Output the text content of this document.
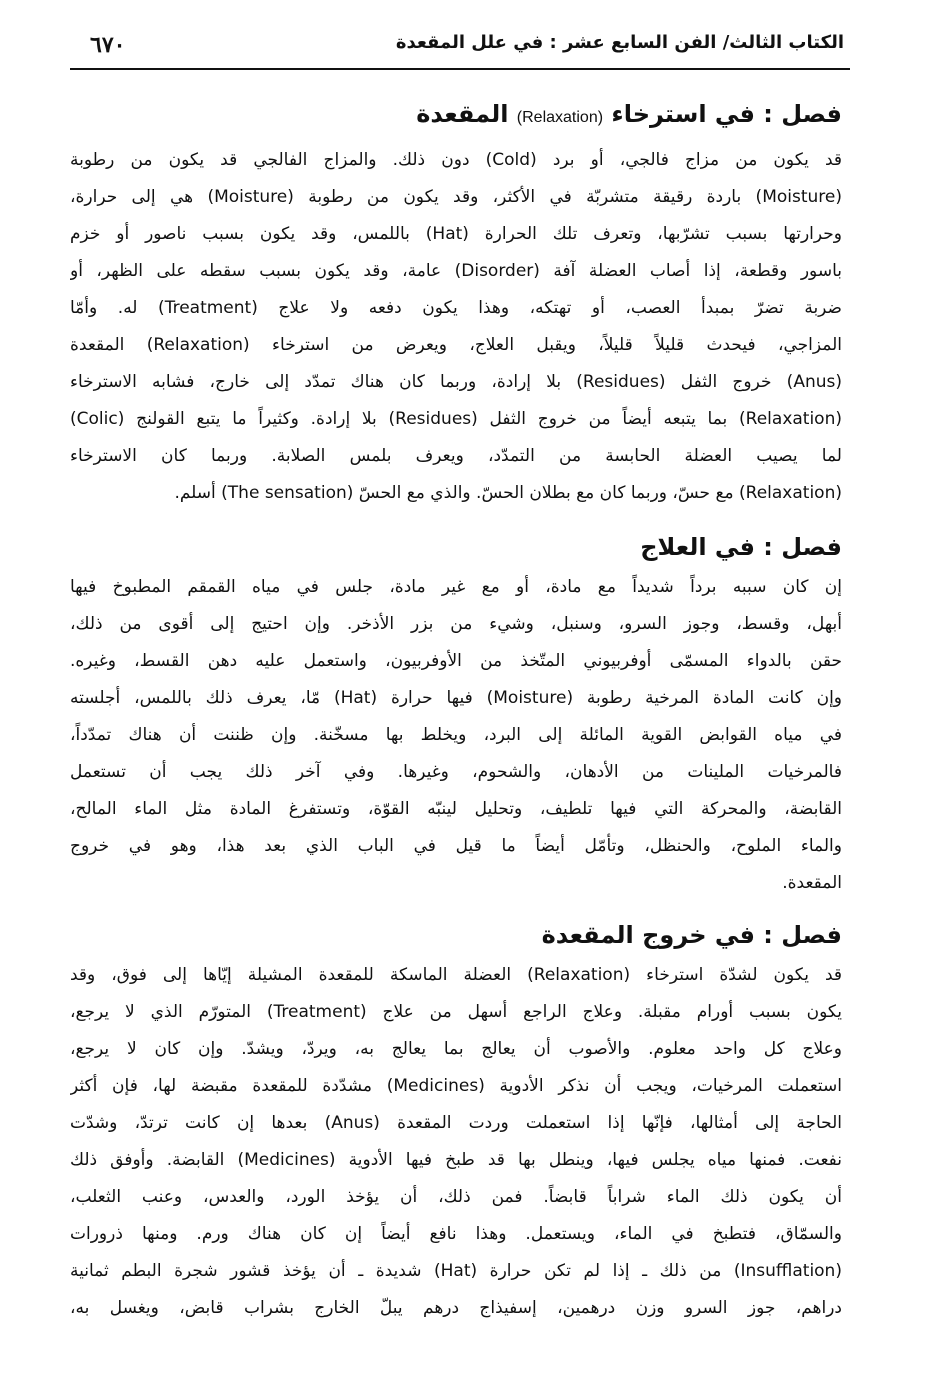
٦٧٠	الكتاب الثالث/ الفن السابع عشر : في علل المقعدة
فصل : في استرخاء (Relaxation) المقعدة
قد يكون من مزاج فالجي، أو برد (Cold) دون ذلك. والمزاج الفالجي قد يكون من رطوبة
(Moisture) باردة رقيقة متشربّة في الأكثر، وقد يكون من رطوبة (Moisture) هي إلى حرارة،
وحرارتها بسبب تشرّبها، وتعرف تلك الحرارة (Hat) باللمس، وقد يكون بسبب ناصور أو خزم
باسور وقطعة، إذا أصاب العضلة آفة (Disorder) عامة، وقد يكون بسبب سقطه على الظهر، أو
ضربة تضرّ بمبدأ العصب، أو تهتكه، وهذا يكون دفعه ولا علاج (Treatment) له. وأمّا
المزاجي، فيحدث قليلاً قليلاً، ويقبل العلاج، ويعرض من استرخاء (Relaxation) المقعدة
(Anus) خروج الثفل (Residues) بلا إرادة، وربما كان هناك تمدّد إلى خارج، فشابه الاسترخاء
(Relaxation) بما يتبعه أيضاً من خروج الثفل (Residues) بلا إرادة. وكثيراً ما يتبع القولنج (Colic)
لما يصيب العضلة الحابسة من التمدّد، ويعرف بلمس الصلابة. وربما كان الاسترخاء
(Relaxation) مع حسّ، وربما كان مع بطلان الحسّ. والذي مع الحسّ (The sensation) أسلم.
فصل : في العلاج
إن كان سببه برداً شديداً مع مادة، أو مع غير مادة، جلس في مياه القمقم المطبوخ فيها
أبهل، وقسط، وجوز السرو، وسنبل، وشيء من بزر الأذخر. وإن احتيج إلى أقوى من ذلك،
حقن بالدواء المسمّى أوفربيوني المتّخذ من الأوفربيون، واستعمل عليه دهن القسط، وغيره.
وإن كانت المادة المرخية رطوبة (Moisture) فيها حرارة (Hat) مّا، يعرف ذلك باللمس، أجلسته
في مياه القوابض القوية المائلة إلى البرد، ويخلط بها مسخّنة. وإن ظننت أن هناك تمدّداً،
فالمرخيات الملينات من الأدهان، والشحوم، وغيرها. وفي آخر ذلك يجب أن تستعمل
القابضة، والمحركة التي فيها تلطيف، وتحليل لينبّه القوّة، وتستفرغ المادة مثل الماء المالح،
والماء الملوح، والحنظل، وتأمّل أيضاً ما قيل في الباب الذي بعد هذا، وهو في خروج
المقعدة.
فصل : في خروج المقعدة
قد يكون لشدّة استرخاء (Relaxation) العضلة الماسكة للمقعدة المشيلة إيّاها إلى فوق، وقد
يكون بسبب أورام مقبلة. وعلاج الراجع أسهل من علاج (Treatment) المتورّم الذي لا يرجع،
وعلاج كل واحد معلوم. والأصوب أن يعالج بما يعالج به، ويردّ، ويشدّ. وإن كان لا يرجع،
استعملت المرخيات، ويجب أن نذكر الأدوية (Medicines) مشدّدة للمقعدة مقبضة لها، فإن أكثر
الحاجة إلى أمثالها، فإنّها إذا استعملت وردت المقعدة (Anus) بعدها إن كانت ترتدّ، وشدّت
نفعت. فمنها مياه يجلس فيها، وينطل بها قد طبخ فيها الأدوية (Medicines) القابضة. وأوفق ذلك
أن يكون ذلك الماء شراباً قابضاً. فمن ذلك، أن يؤخذ الورد، والعدس، وعنب الثعلب،
والسمّاق، فتطبخ في الماء، ويستعمل. وهذا نافع أيضاً إن كان هناك ورم. ومنها ذرورات
(Insufflation) من ذلك ـ إذا لم تكن حرارة (Hat) شديدة ـ أن يؤخذ قشور شجرة البطم ثمانية
دراهم، جوز السرو وزن درهمين، إسفيذاج درهم يبلّ الخارج بشراب قابض، ويغسل به،
